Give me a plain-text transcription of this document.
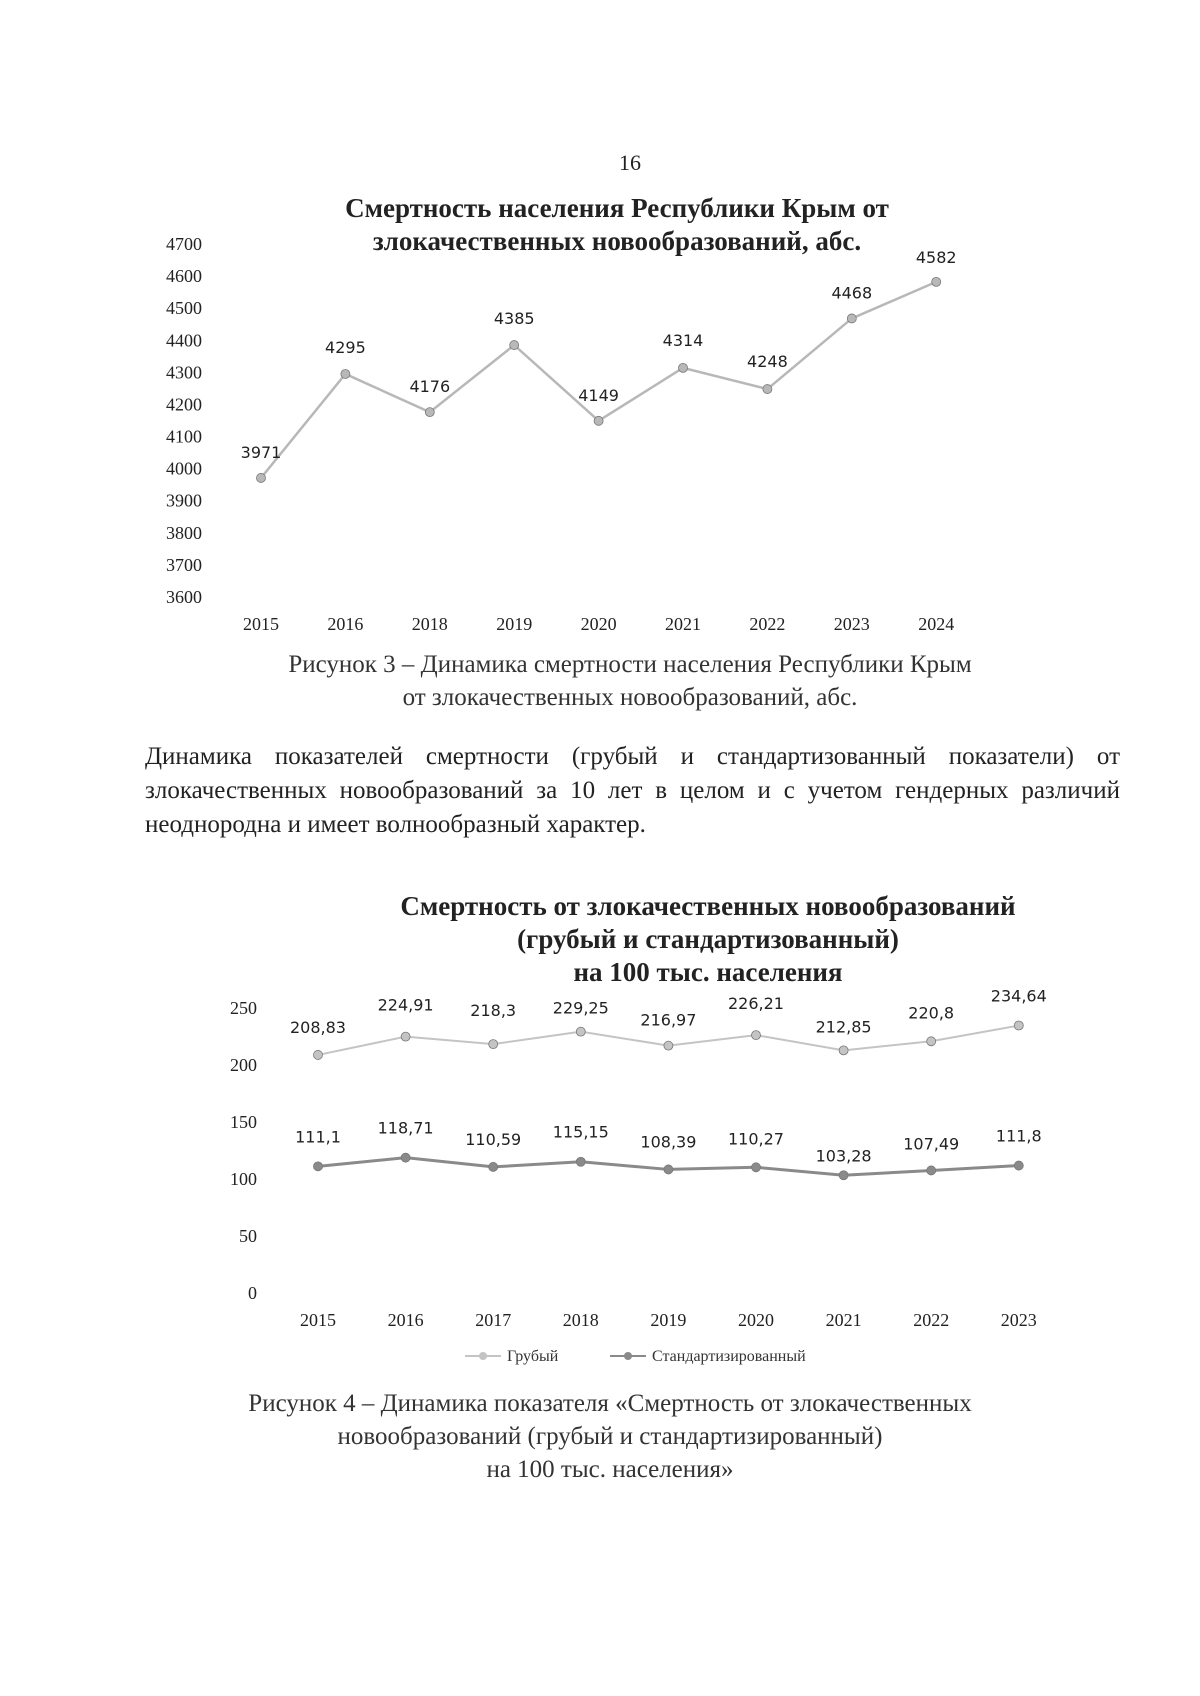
16
Смертность населения Республики Крым от
злокачественных новообразований, абс.
3600
3700
3800
3900
4000
4100
4200
4300
4400
4500
4600
4700
2015	2016	2018	2019	2020	2021	2022	2023	2024
3971
4295
4176
4385
4149
4314
4248
4468
4582
Рисунок 3 – Динамика смертности населения Республики Крым
от злокачественных новообразований, абс.
Динамика показателей смертности (грубый и стандартизованный показатели) от злокачественных новообразований за 10 лет в целом и с учетом гендерных различий неоднородна и имеет волнообразный характер.
Смертность от злокачественных новообразований
(грубый и стандартизованный)
на 100 тыс. населения
0
50
100
150
200
250
2015	2016	2017	2018	2019	2020	2021	2022	2023
208,83
224,91 218,3 229,25
216,97
226,21
212,85
220,8
234,64
111,1 118,71
110,59 115,15
108,39 110,27
103,28
107,49 111,8
Грубый	Стандартизированный
Рисунок 4 – Динамика показателя «Смертность от злокачественных
новообразований (грубый и стандартизированный)
на 100 тыс. населения»
